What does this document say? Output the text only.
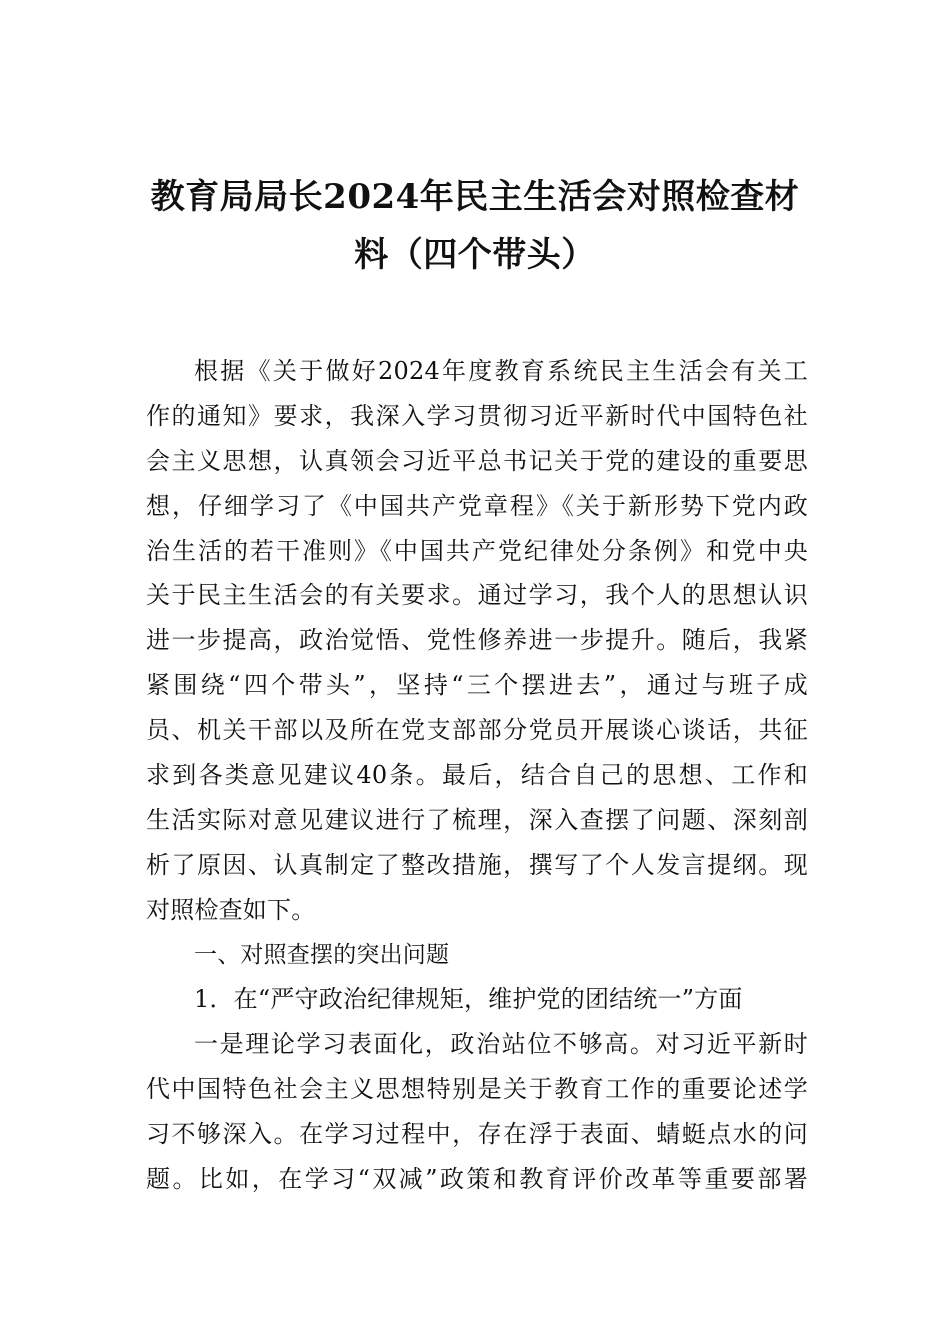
教育局局长2024年民主生活会对照检查材
料（四个带头）
根据《关于做好2024年度教育系统民主生活会有关工
作的通知》要求，我深入学习贯彻习近平新时代中国特色社
会主义思想，认真领会习近平总书记关于党的建设的重要思
想，仔细学习了《中国共产党章程》《关于新形势下党内政
治生活的若干准则》《中国共产党纪律处分条例》和党中央
关于民主生活会的有关要求。通过学习，我个人的思想认识
进一步提高，政治觉悟、党性修养进一步提升。随后，我紧
紧围绕“四个带头”，坚持“三个摆进去”，通过与班子成
员、机关干部以及所在党支部部分党员开展谈心谈话，共征
求到各类意见建议40条。最后，结合自己的思想、工作和
生活实际对意见建议进行了梳理，深入查摆了问题、深刻剖
析了原因、认真制定了整改措施，撰写了个人发言提纲。现
对照检查如下。
一、对照查摆的突出问题
1．在“严守政治纪律规矩，维护党的团结统一”方面
一是理论学习表面化，政治站位不够高。对习近平新时
代中国特色社会主义思想特别是关于教育工作的重要论述学
习不够深入。在学习过程中，存在浮于表面、蜻蜓点水的问
题。比如，在学习“双减”政策和教育评价改革等重要部署
